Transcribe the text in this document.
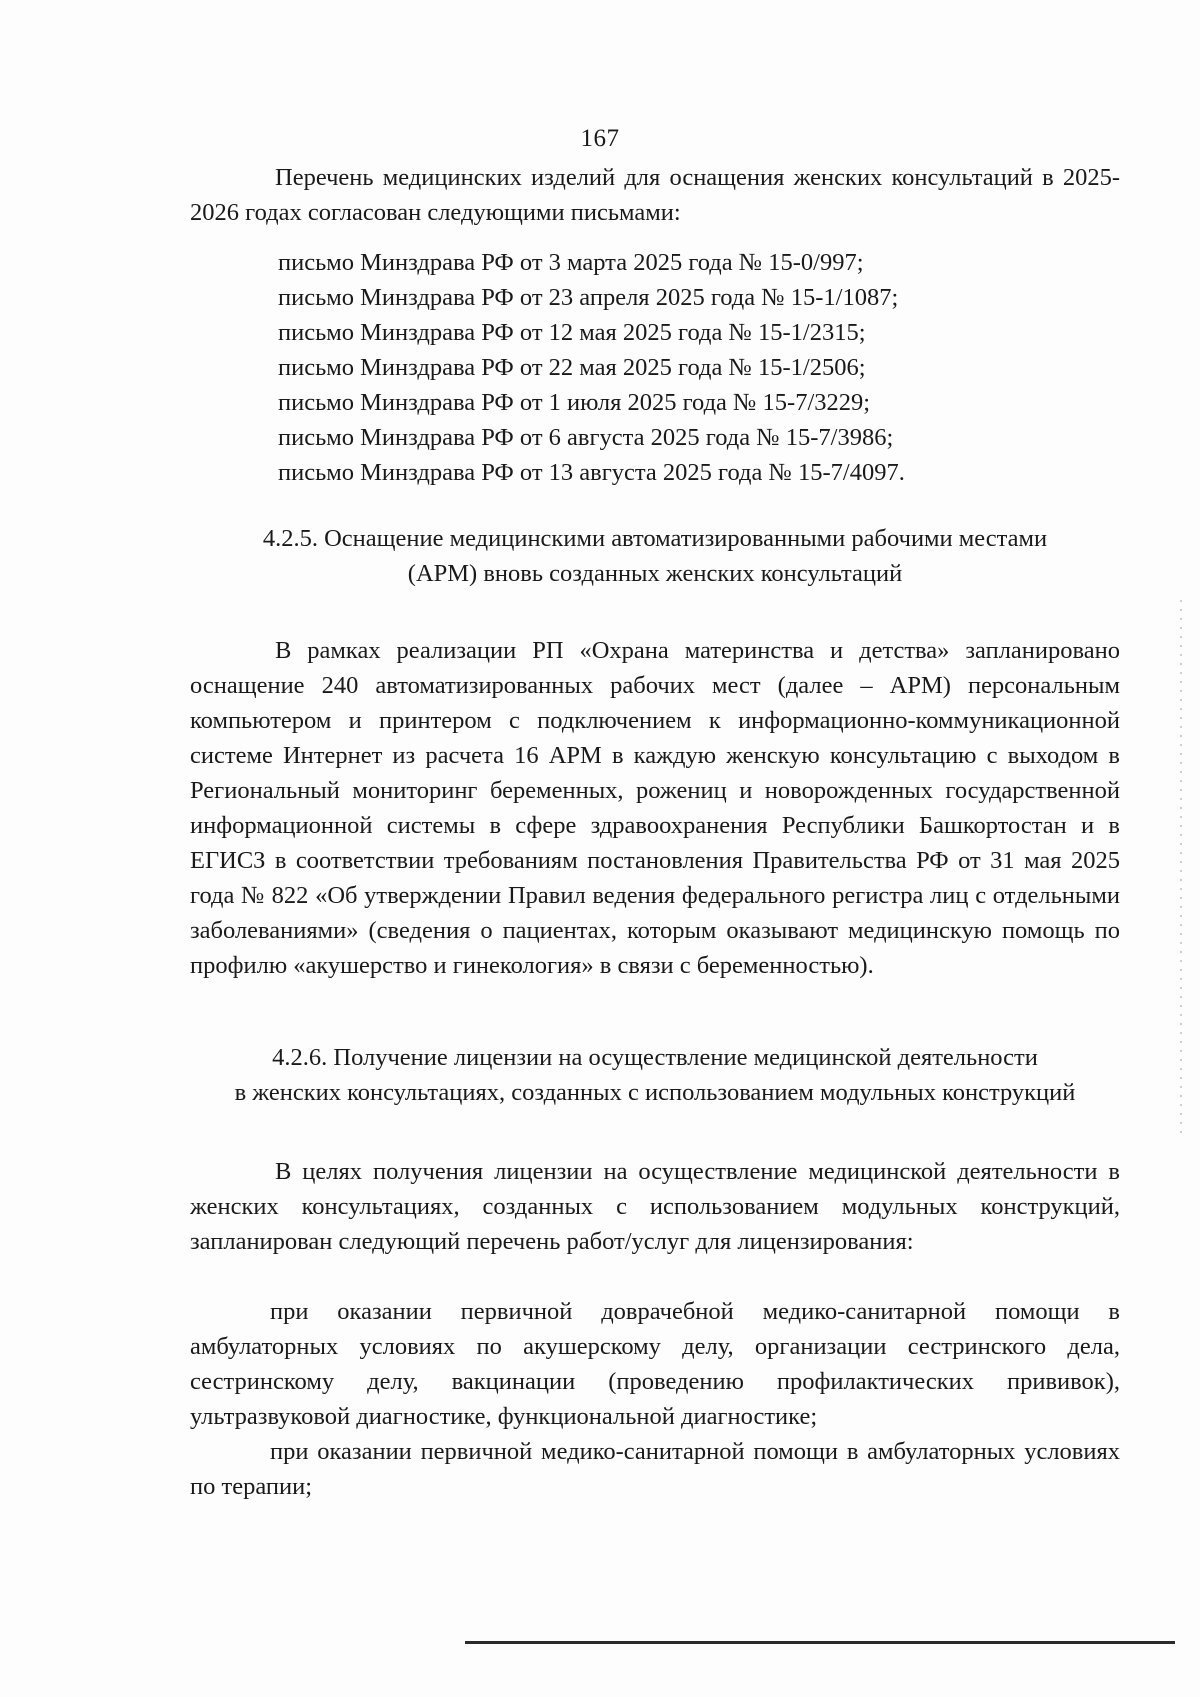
167
Перечень медицинских изделий для оснащения женских консультаций в 2025-2026 годах согласован следующими письмами:
письмо Минздрава РФ от 3 марта 2025 года № 15-0/997;
письмо Минздрава РФ от 23 апреля 2025 года № 15-1/1087;
письмо Минздрава РФ от 12 мая 2025 года № 15-1/2315;
письмо Минздрава РФ от 22 мая 2025 года № 15-1/2506;
письмо Минздрава РФ от 1 июля 2025 года № 15-7/3229;
письмо Минздрава РФ от 6 августа 2025 года № 15-7/3986;
письмо Минздрава РФ от 13 августа 2025 года № 15-7/4097.
4.2.5. Оснащение медицинскими автоматизированными рабочими местами
(АРМ) вновь созданных женских консультаций
В рамках реализации РП «Охрана материнства и детства» запланировано оснащение 240 автоматизированных рабочих мест (далее – АРМ) персональным компьютером и принтером с подключением к информационно-коммуникационной системе Интернет из расчета 16 АРМ в каждую женскую консультацию с выходом в Региональный мониторинг беременных, рожениц и новорожденных государственной информационной системы в сфере здравоохранения Республики Башкортостан и в ЕГИСЗ в соответствии требованиям постановления Правительства РФ от 31 мая 2025 года № 822 «Об утверждении Правил ведения федерального регистра лиц с отдельными заболеваниями» (сведения о пациентах, которым оказывают медицинскую помощь по профилю «акушерство и гинекология» в связи с беременностью).
4.2.6. Получение лицензии на осуществление медицинской деятельности
в женских консультациях, созданных с использованием модульных конструкций
В целях получения лицензии на осуществление медицинской деятельности в женских консультациях, созданных с использованием модульных конструкций, запланирован следующий перечень работ/услуг для лицензирования:
при оказании первичной доврачебной медико-санитарной помощи в амбулаторных условиях по акушерскому делу, организации сестринского дела, сестринскому делу, вакцинации (проведению профилактических прививок), ультразвуковой диагностике, функциональной диагностике;
при оказании первичной медико-санитарной помощи в амбулаторных условиях по терапии;
